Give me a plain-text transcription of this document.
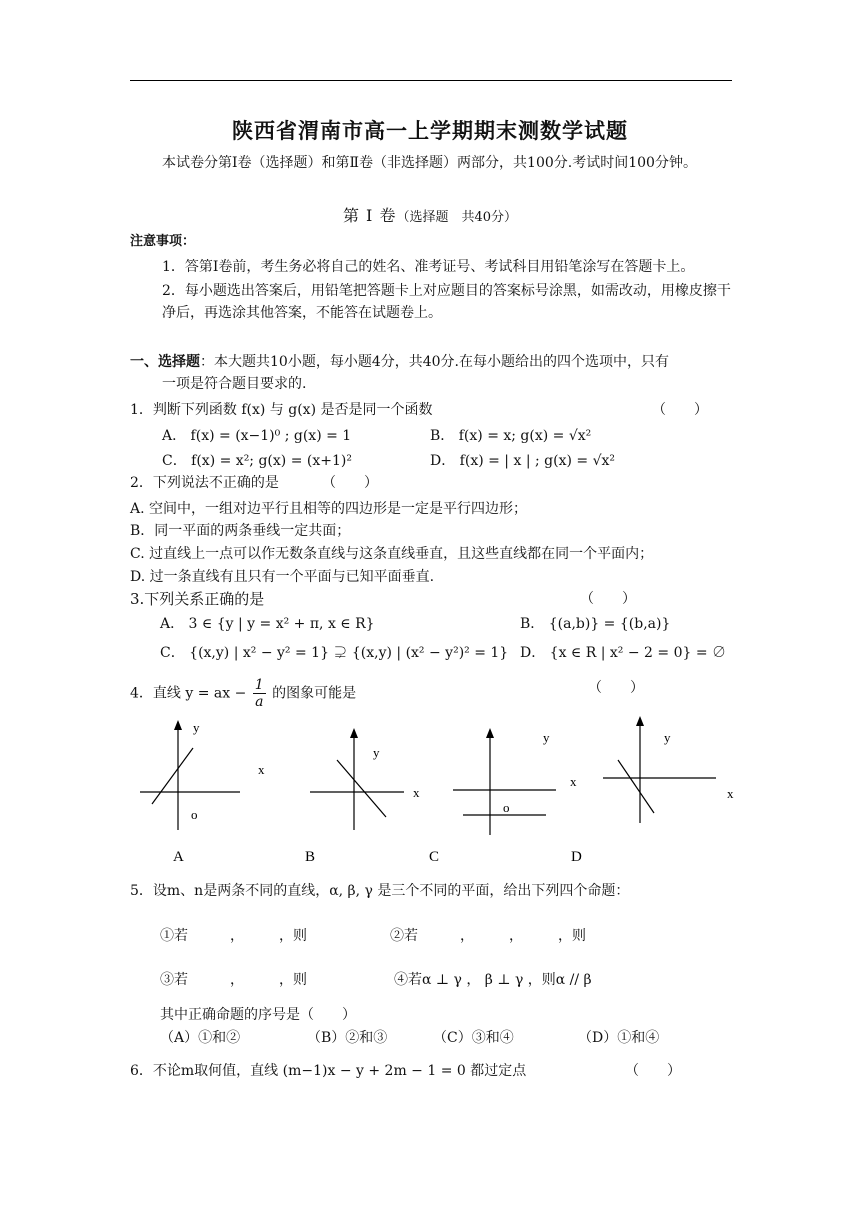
陕西省渭南市高一上学期期末测数学试题
本试卷分第Ⅰ卷（选择题）和第Ⅱ卷（非选择题）两部分，共100分.考试时间100分钟。
第 Ⅰ 卷（选择题　共40分）
注意事项：
1．答第Ⅰ卷前，考生务必将自己的姓名、准考证号、考试科目用铅笔涂写在答题卡上。
2．每小题选出答案后，用铅笔把答题卡上对应题目的答案标号涂黑，如需改动，用橡皮擦干净后，再选涂其他答案，不能答在试题卷上。
一、选择题：本大题共10小题，每小题4分，共40分.在每小题给出的四个选项中，只有
一项是符合题目要求的.
1．判断下列函数 f(x) 与 g(x) 是否是同一个函数	（　　）
A． f(x) = (x−1)⁰ ; g(x) = 1	B． f(x) = x; g(x) = √x²
C． f(x) = x²; g(x) = (x+1)²	D． f(x) = | x | ; g(x) = √x²
2．下列说法不正确的是	（　　）
A. 空间中，一组对边平行且相等的四边形是一定是平行四边形；
B．同一平面的两条垂线一定共面；
C. 过直线上一点可以作无数条直线与这条直线垂直，且这些直线都在同一个平面内；
D. 过一条直线有且只有一个平面与已知平面垂直.
3.下列关系正确的是	（　　）
A． 3 ∈ {y | y = x² + π, x ∈ R}	B． {(a,b)} = {(b,a)}
C． {(x,y) | x² − y² = 1} ⊋ {(x,y) | (x² − y²)² = 1} D． {x ∈ R | x² − 2 = 0} = ∅
4．直线 y = ax − $\frac{1}{a}$ 的图象可能是	（　　）
y
x
o
A
y
x
B
y
x
o
C
y
x
D
5．设m、n是两条不同的直线，α, β, γ 是三个不同的平面，给出下列四个命题：
①若　　　，　　　，则	②若　　　，　　　，　　　，则
③若　　　，　　　，则	④若α ⊥ γ ， β ⊥ γ ，则α // β
其中正确命题的序号是（　　）
（A）①和②	（B）②和③	（C）③和④	（D）①和④
6．不论m取何值，直线 (m−1)x − y + 2m − 1 = 0 都过定点	（　　）
